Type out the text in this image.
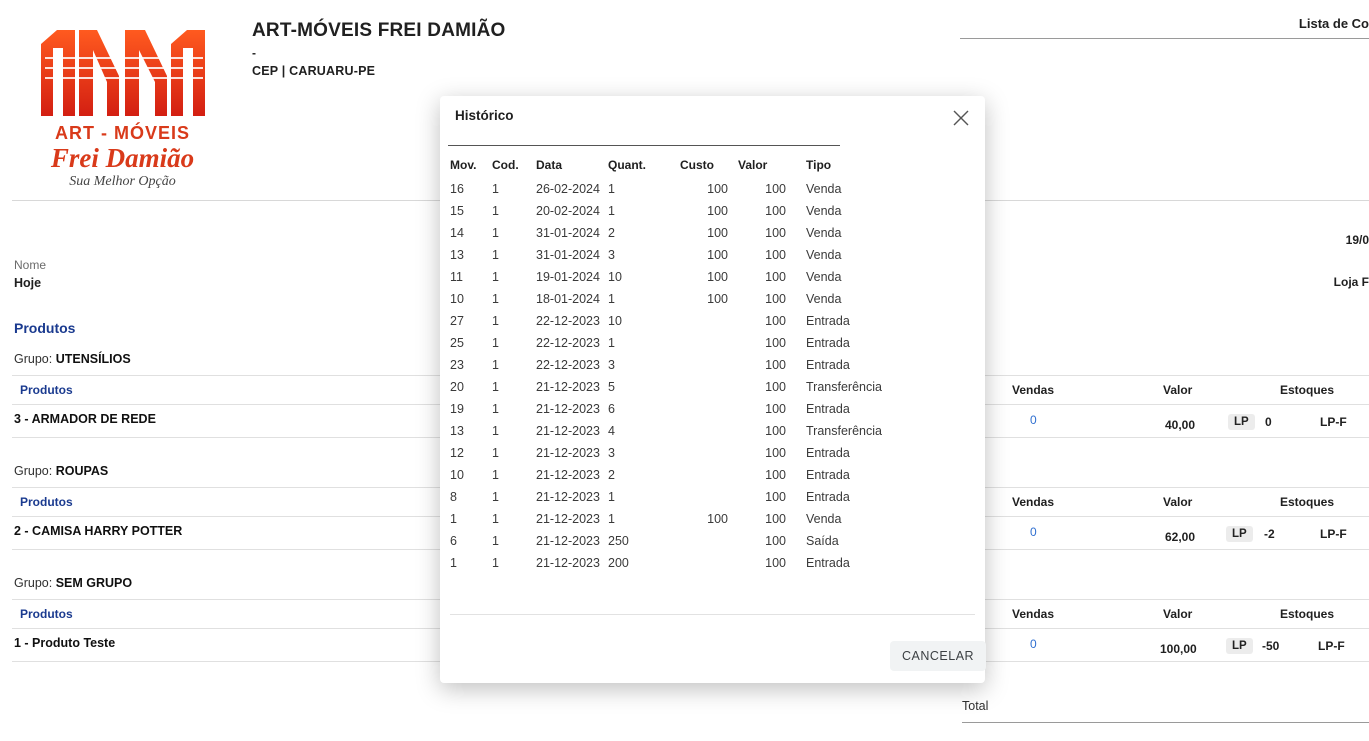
ART - MÓVEIS
Frei Damião
Sua Melhor Opção
ART-MÓVEIS FREI DAMIÃO
-
CEP | CARUARU-PE
Lista de Co
Nome
Hoje
19/0
Loja F
Produtos
Grupo: UTENSÍLIOS
Produtos	Vendas	Valor	Estoques
3 - ARMADOR DE REDE	0	40,00	LP	0	LP-F
Grupo: ROUPAS
Produtos	Vendas	Valor	Estoques
2 - CAMISA HARRY POTTER	0	62,00	LP	-2	LP-F
Grupo: SEM GRUPO
Produtos	Vendas	Valor	Estoques
1 - Produto Teste	0	100,00	LP	-50	LP-F
Total
Histórico
Mov.	Cod.	Data	Quant.	Custo	Valor	Tipo
16	1	26-02-2024	1	100	100	Venda
15	1	20-02-2024	1	100	100	Venda
14	1	31-01-2024	2	100	100	Venda
13	1	31-01-2024	3	100	100	Venda
11	1	19-01-2024	10	100	100	Venda
10	1	18-01-2024	1	100	100	Venda
27	1	22-12-2023	10		100	Entrada
25	1	22-12-2023	1		100	Entrada
23	1	22-12-2023	3		100	Entrada
20	1	21-12-2023	5		100	Transferência
19	1	21-12-2023	6		100	Entrada
13	1	21-12-2023	4		100	Transferência
12	1	21-12-2023	3		100	Entrada
10	1	21-12-2023	2		100	Entrada
8	1	21-12-2023	1		100	Entrada
1	1	21-12-2023	1	100	100	Venda
6	1	21-12-2023	250		100	Saída
1	1	21-12-2023	200		100	Entrada
CANCELAR
